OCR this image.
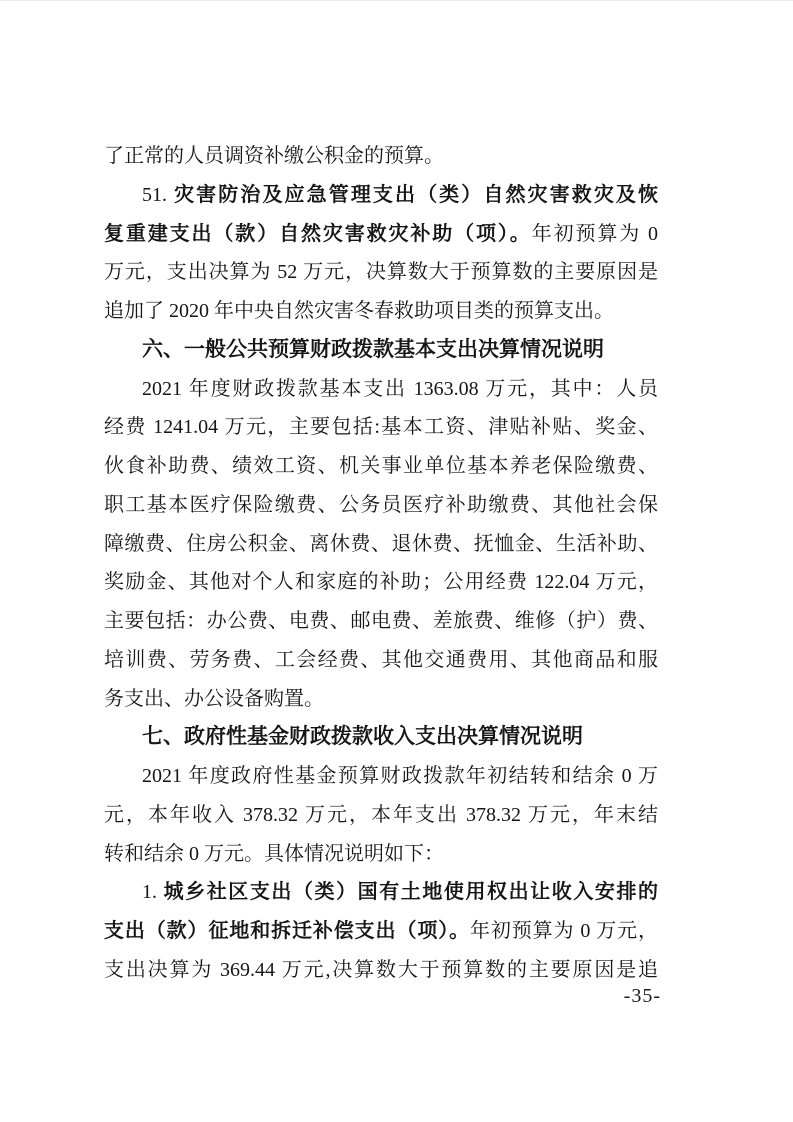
了正常的人员调资补缴公积金的预算。
51. 灾害防治及应急管理支出（类）自然灾害救灾及恢
复重建支出（款）自然灾害救灾补助（项）。年初预算为 0
万元，支出决算为 52 万元，决算数大于预算数的主要原因是
追加了 2020 年中央自然灾害冬春救助项目类的预算支出。
六、一般公共预算财政拨款基本支出决算情况说明
2021 年度财政拨款基本支出 1363.08 万元，其中：人员
经费 1241.04 万元，主要包括:基本工资、津贴补贴、奖金、
伙食补助费、绩效工资、机关事业单位基本养老保险缴费、
职工基本医疗保险缴费、公务员医疗补助缴费、其他社会保
障缴费、住房公积金、离休费、退休费、抚恤金、生活补助、
奖励金、其他对个人和家庭的补助；公用经费 122.04 万元，
主要包括：办公费、电费、邮电费、差旅费、维修（护）费、
培训费、劳务费、工会经费、其他交通费用、其他商品和服
务支出、办公设备购置。
七、政府性基金财政拨款收入支出决算情况说明
2021 年度政府性基金预算财政拨款年初结转和结余 0 万
元，本年收入 378.32 万元，本年支出 378.32 万元，年末结
转和结余 0 万元。具体情况说明如下：
1. 城乡社区支出（类）国有土地使用权出让收入安排的
支出（款）征地和拆迁补偿支出（项）。年初预算为 0 万元，
支出决算为 369.44 万元,决算数大于预算数的主要原因是追
-35-
